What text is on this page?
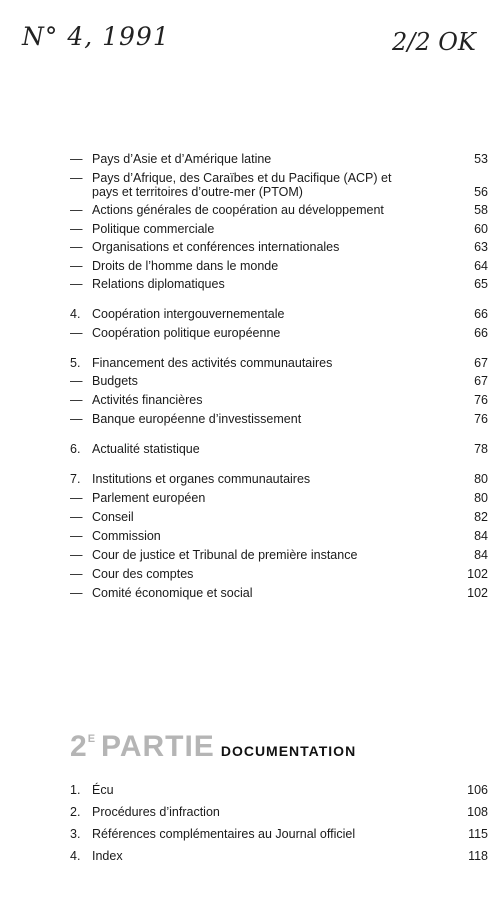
N° 4, 1991	2/2 OK
— Pays d’Asie et d’Amérique latine	53
— Pays d’Afrique, des Caraïbes et du Pacifique (ACP) et pays et territoires d’outre-mer (PTOM)	56
— Actions générales de coopération au développement	58
— Politique commerciale	60
— Organisations et conférences internationales	63
— Droits de l’homme dans le monde	64
— Relations diplomatiques	65
4. Coopération intergouvernementale	66
— Coopération politique européenne	66
5. Financement des activités communautaires	67
— Budgets	67
— Activités financières	76
— Banque européenne d’investissement	76
6. Actualité statistique	78
7. Institutions et organes communautaires	80
— Parlement européen	80
— Conseil	82
— Commission	84
— Cour de justice et Tribunal de première instance	84
— Cour des comptes	102
— Comité économique et social	102
$2^E$ PARTIE DOCUMENTATION
1. Écu	106
2. Procédures d’infraction	108
3. Références complémentaires au Journal officiel	115
4. Index	118
